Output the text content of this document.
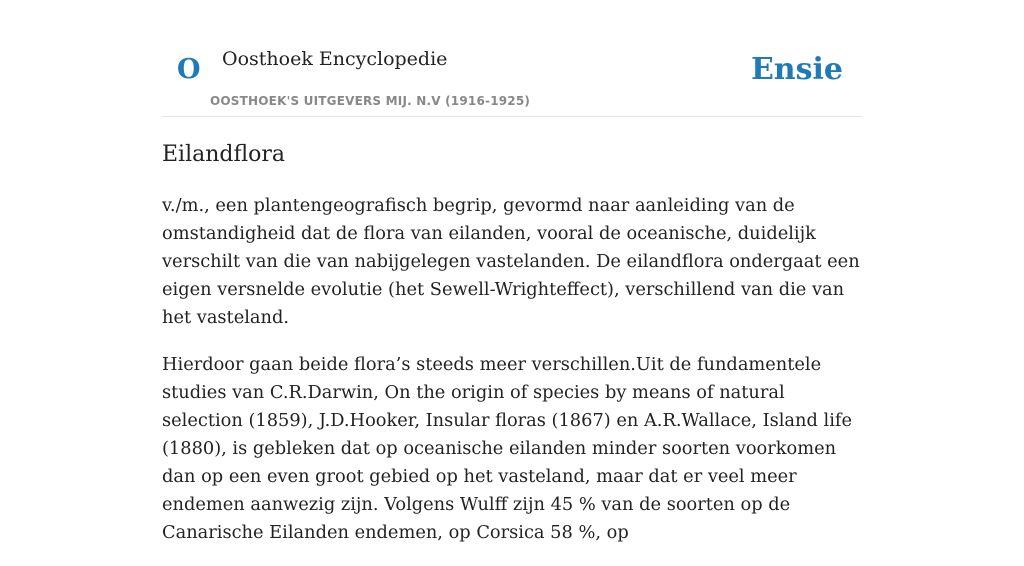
O Oosthoek Encyclopedie
OOSTHOEK'S UITGEVERS MIJ. N.V (1916-1925)
Ensie
Eilandflora

v./m., een plantengeografisch begrip, gevormd naar aanleiding van de omstandigheid dat de flora van eilanden, vooral de oceanische, duidelijk verschilt van die van nabijgelegen vastelanden. De eilandflora ondergaat een eigen versnelde evolutie (het Sewell-Wrighteffect), verschillend van die van het vasteland.

Hierdoor gaan beide flora’s steeds meer verschillen.Uit de fundamentele studies van C.R.Darwin, On the origin of species by means of natural selection (1859), J.D.Hooker, Insular floras (1867) en A.R.Wallace, Island life (1880), is gebleken dat op oceanische eilanden minder soorten voorkomen dan op een even groot gebied op het vasteland, maar dat er veel meer endemen aanwezig zijn. Volgens Wulff zijn 45 % van de soorten op de Canarische Eilanden endemen, op Corsica 58 %, op
